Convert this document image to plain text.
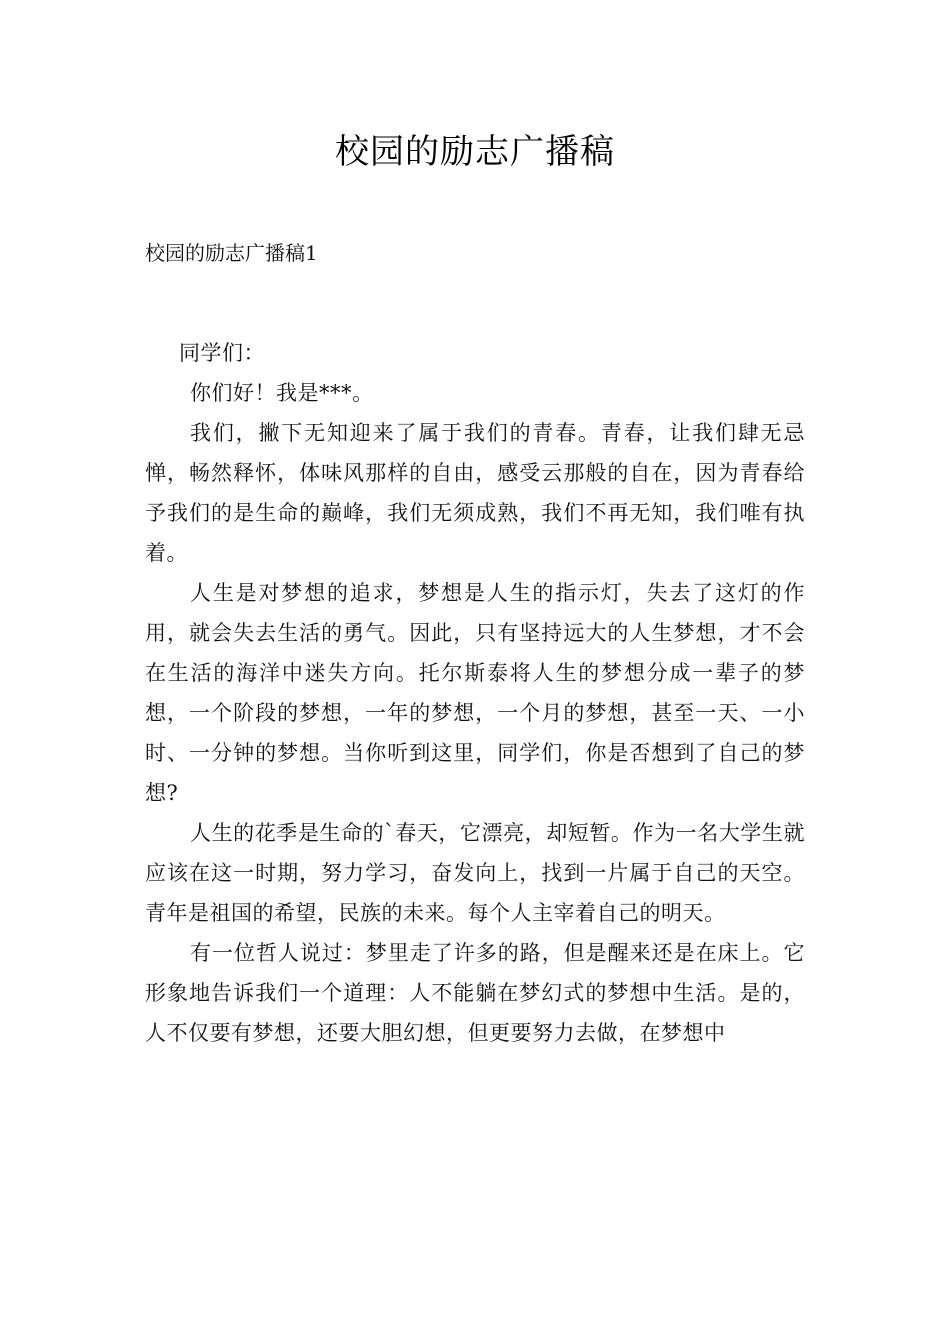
校园的励志广播稿
校园的励志广播稿1

同学们：

你们好！我是***。

我们，撇下无知迎来了属于我们的青春。青春，让我们肆无忌惮，畅然释怀，体味风那样的自由，感受云那般的自在，因为青春给予我们的是生命的巅峰，我们无须成熟，我们不再无知，我们唯有执着。

人生是对梦想的追求，梦想是人生的指示灯，失去了这灯的作用，就会失去生活的勇气。因此，只有坚持远大的人生梦想，才不会在生活的海洋中迷失方向。托尔斯泰将人生的梦想分成一辈子的梦想，一个阶段的梦想，一年的梦想，一个月的梦想，甚至一天、一小时、一分钟的梦想。当你听到这里，同学们，你是否想到了自己的梦想?

人生的花季是生命的`春天，它漂亮，却短暂。作为一名大学生就应该在这一时期，努力学习，奋发向上，找到一片属于自己的天空。青年是祖国的希望，民族的未来。每个人主宰着自己的明天。

有一位哲人说过：梦里走了许多的路，但是醒来还是在床上。它形象地告诉我们一个道理：人不能躺在梦幻式的梦想中生活。是的，人不仅要有梦想，还要大胆幻想，但更要努力去做，在梦想中
